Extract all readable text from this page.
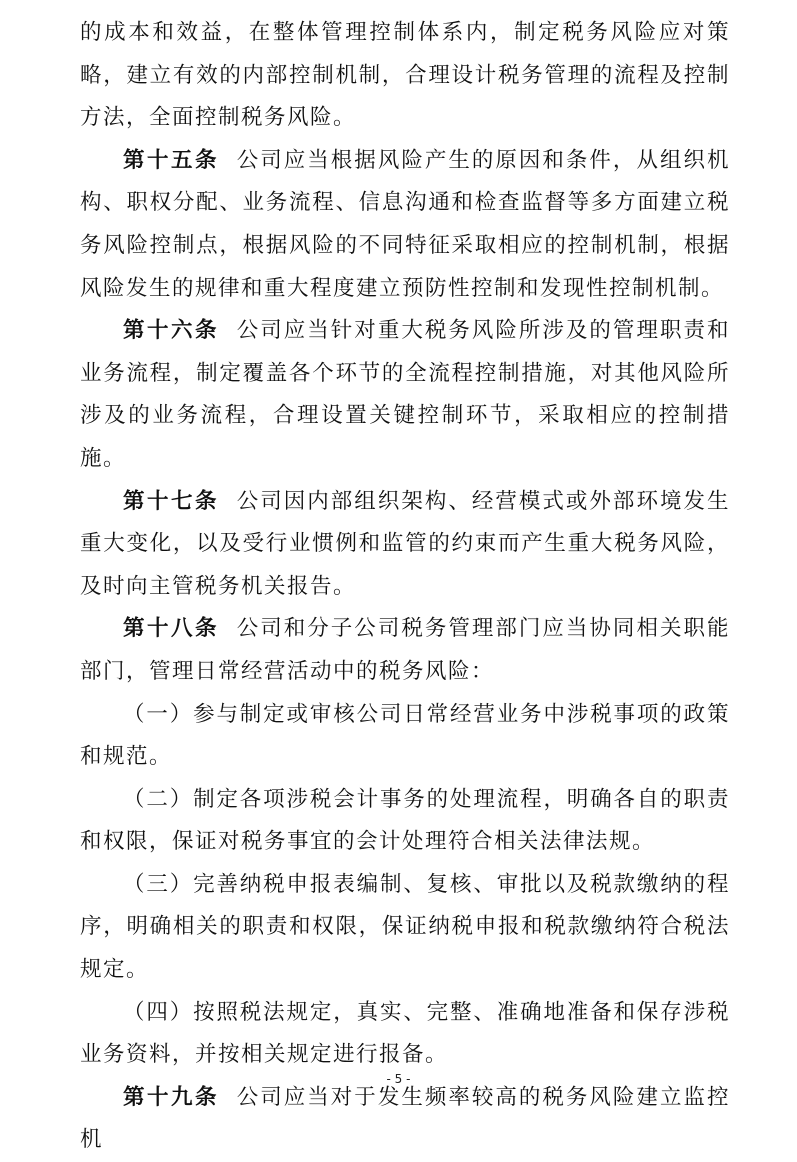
的成本和效益，在整体管理控制体系内，制定税务风险应对策略，建立有效的内部控制机制，合理设计税务管理的流程及控制方法，全面控制税务风险。

第十五条 公司应当根据风险产生的原因和条件，从组织机构、职权分配、业务流程、信息沟通和检查监督等多方面建立税务风险控制点，根据风险的不同特征采取相应的控制机制，根据风险发生的规律和重大程度建立预防性控制和发现性控制机制。

第十六条 公司应当针对重大税务风险所涉及的管理职责和业务流程，制定覆盖各个环节的全流程控制措施，对其他风险所涉及的业务流程，合理设置关键控制环节，采取相应的控制措施。

第十七条 公司因内部组织架构、经营模式或外部环境发生重大变化，以及受行业惯例和监管的约束而产生重大税务风险，及时向主管税务机关报告。

第十八条 公司和分子公司税务管理部门应当协同相关职能部门，管理日常经营活动中的税务风险：

（一）参与制定或审核公司日常经营业务中涉税事项的政策和规范。

（二）制定各项涉税会计事务的处理流程，明确各自的职责和权限，保证对税务事宜的会计处理符合相关法律法规。

（三）完善纳税申报表编制、复核、审批以及税款缴纳的程序，明确相关的职责和权限，保证纳税申报和税款缴纳符合税法规定。

（四）按照税法规定，真实、完整、准确地准备和保存涉税业务资料，并按相关规定进行报备。

第十九条 公司应当对于发生频率较高的税务风险建立监控机

- 5 -
